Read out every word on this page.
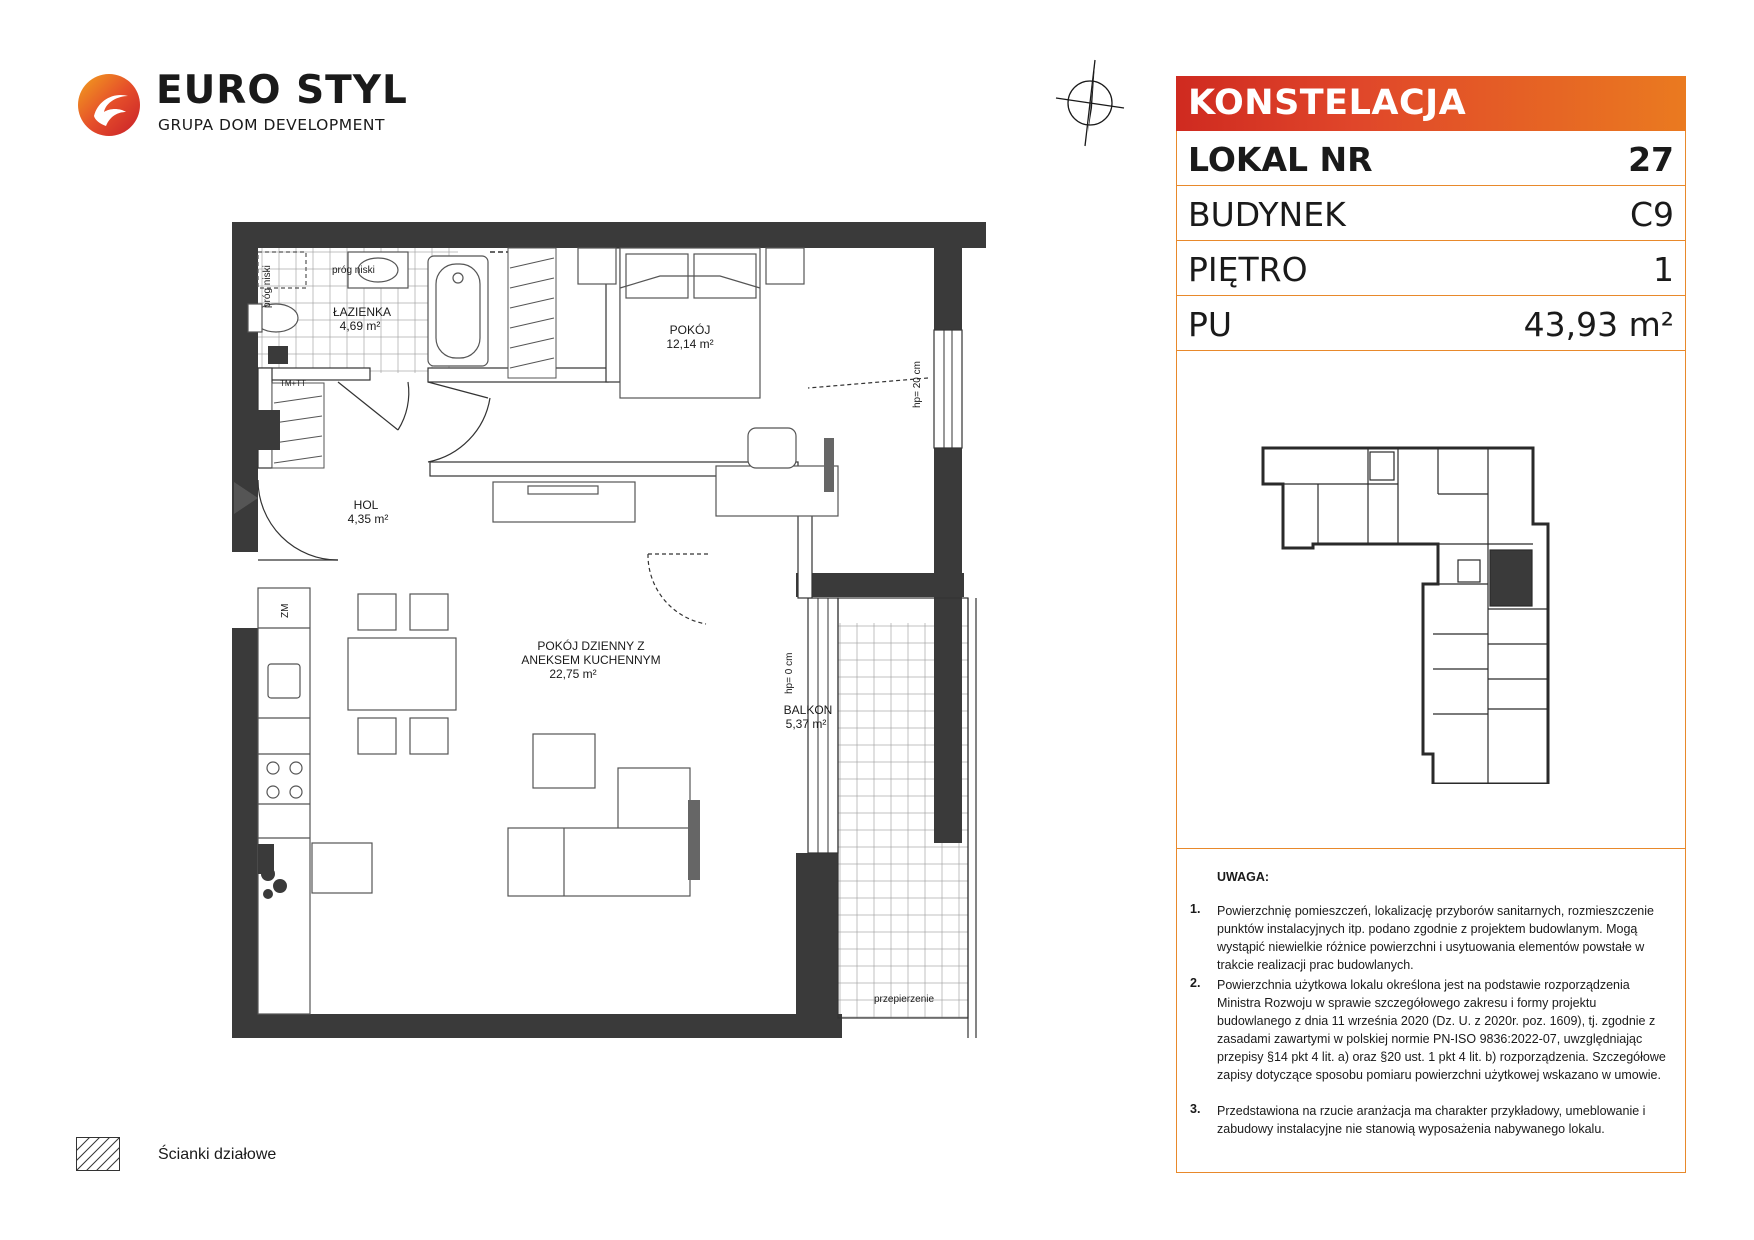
EURO STYL
GRUPA DOM DEVELOPMENT
KONSTELACJA
LOKAL NR	27
BUDYNEK	C9
PIĘTRO	1
PU	43,93 m²
UWAGA:
1. Powierzchnię pomieszczeń, lokalizację przyborów sanitarnych, rozmieszczenie punktów instalacyjnych itp. podano zgodnie z projektem budowlanym. Mogą wystąpić niewielkie różnice powierzchni i usytuowania elementów powstałe w trakcie realizacji prac budowlanych.
2. Powierzchnia użytkowa lokalu określona jest na podstawie rozporządzenia Ministra Rozwoju w sprawie szczegółowego zakresu i formy projektu budowlanego z dnia 11 września 2020 (Dz. U. z 2020r. poz. 1609), tj. zgodnie z zasadami zawartymi w polskiej normie PN-ISO 9836:2022-07, uwzględniając przepisy §14 pkt 4 lit. a) oraz §20 ust. 1 pkt 4 lit. b) rozporządzenia. Szczegółowe zapisy dotyczące sposobu pomiaru powierzchni użytkowej wskazano w umowie.
3. Przedstawiona na rzucie aranżacja ma charakter przykładowy, umeblowanie i zabudowy instalacyjne nie stanowią wyposażenia nabywanego lokalu.
Ścianki działowe
ŁAZIENKA
4,69 m²	POKÓJ
12,14 m²
HOL
4,35 m²
POKÓJ DZIENNY Z
ANEKSEM KUCHENNYM
22,75 m²
BALKON
5,37 m²
próg niski
próg niski
hp= 20 cm
hp= 0 cm
przepierzenie
ZM
TM+TT
